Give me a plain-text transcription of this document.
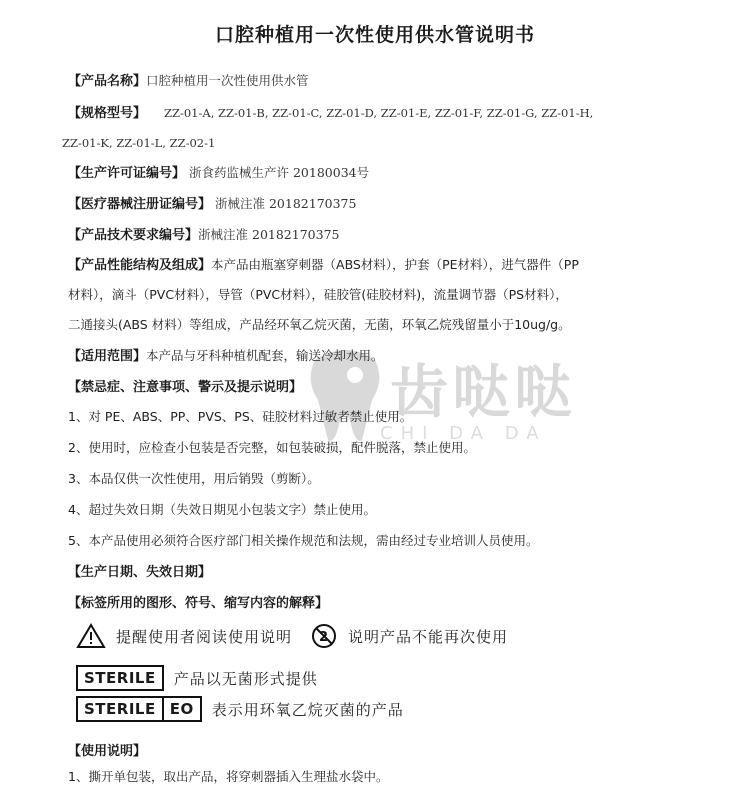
齿哒哒
CHI DA DA
口腔种植用一次性使用供水管说明书
【产品名称】口腔种植用一次性使用供水管
【规格型号】 ZZ-01-A, ZZ-01-B, ZZ-01-C, ZZ-01-D, ZZ-01-E, ZZ-01-F, ZZ-01-G, ZZ-01-H,
ZZ-01-K, ZZ-01-L, ZZ-02-1
【生产许可证编号】 浙食药监械生产许 20180034号
【医疗器械注册证编号】 浙械注准 20182170375
【产品技术要求编号】浙械注准 20182170375
【产品性能结构及组成】本产品由瓶塞穿刺器（ABS材料），护套（PE材料），进气器件（PP
材料），滴斗（PVC材料），导管（PVC材料），硅胶管(硅胶材料)，流量调节器（PS材料），
二通接头(ABS 材料）等组成，产品经环氧乙烷灭菌，无菌，环氧乙烷残留量小于10ug/g。
【适用范围】本产品与牙科种植机配套，输送冷却水用。
【禁忌症、注意事项、警示及提示说明】
1、对 PE、ABS、PP、PVS、PS、硅胶材料过敏者禁止使用。
2、使用时，应检查小包装是否完整，如包装破损，配件脱落，禁止使用。
3、本品仅供一次性使用，用后销毁（剪断）。
4、超过失效日期（失效日期见小包装文字）禁止使用。
5、本产品使用必须符合医疗部门相关操作规范和法规，需由经过专业培训人员使用。
【生产日期、失效日期】
【标签所用的图形、符号、缩写内容的解释】
提醒使用者阅读使用说明 2 说明产品不能再次使用
STERILE	产品以无菌形式提供
STERILE EO	表示用环氧乙烷灭菌的产品
【使用说明】
1、撕开单包装，取出产品，将穿刺器插入生理盐水袋中。
